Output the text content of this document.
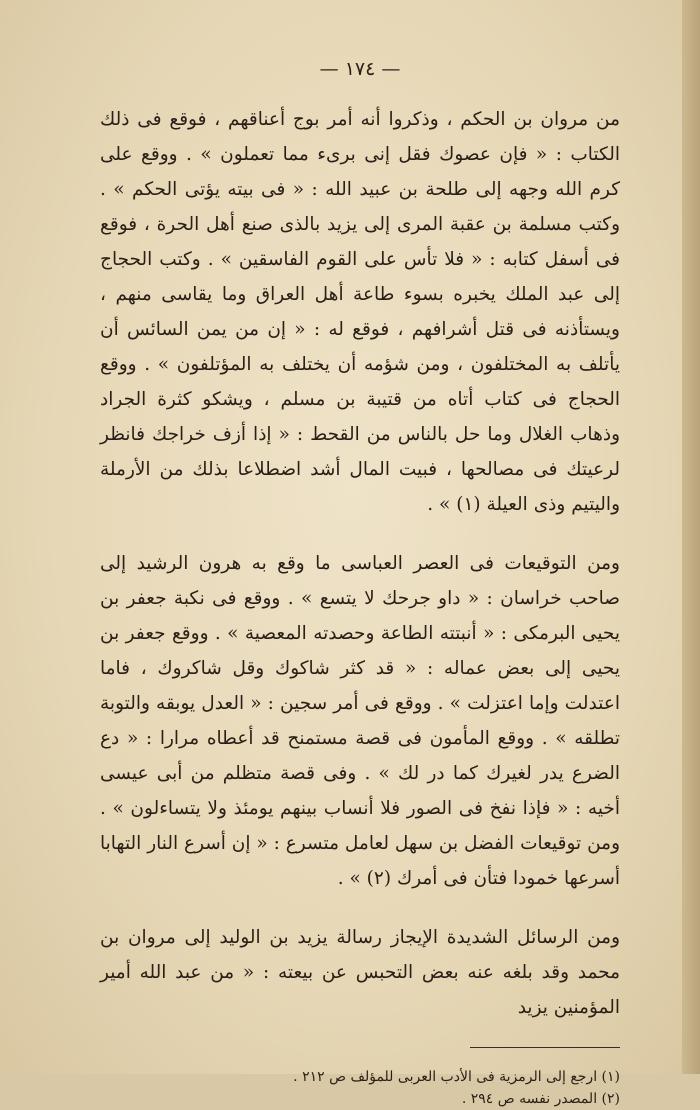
— ١٧٤ —

من مروان بن الحكم ، وذكروا أنه أمر بوج أعناقهم ، فوقع فى ذلك الكتاب : « فإن عصوك فقل إنى برىء مما تعملون » . ووقع على كرم الله وجهه إلى طلحة بن عبيد الله : « فى بيته يؤتى الحكم » . وكتب مسلمة بن عقبة المرى إلى يزيد بالذى صنع أهل الحرة ، فوقع فى أسفل كتابه : « فلا تأس على القوم الفاسقين » . وكتب الحجاج إلى عبد الملك يخبره بسوء طاعة أهل العراق وما يقاسى منهم ، ويستأذنه فى قتل أشرافهم ، فوقع له : « إن من يمن السائس أن يأتلف به المختلفون ، ومن شؤمه أن يختلف به المؤتلفون » . ووقع الحجاج فى كتاب أتاه من قتيبة بن مسلم ، ويشكو كثرة الجراد وذهاب الغلال وما حل بالناس من القحط : « إذا أزف خراجك فانظر لرعيتك فى مصالحها ، فبيت المال أشد اضطلاعا بذلك من الأرملة واليتيم وذى العيلة (١) » .

ومن التوقيعات فى العصر العباسى ما وقع به هرون الرشيد إلى صاحب خراسان : « داو جرحك لا يتسع » . ووقع فى نكبة جعفر بن يحيى البرمكى : « أنبتته الطاعة وحصدته المعصية » . ووقع جعفر بن يحيى إلى بعض عماله : « قد كثر شاكوك وقل شاكروك ، فاما اعتدلت وإما اعتزلت » . ووقع فى أمر سجين : « العدل يوبقه والتوبة تطلقه » . ووقع المأمون فى قصة مستمنح قد أعطاه مرارا : « دع الضرع يدر لغيرك كما در لك » . وفى قصة متظلم من أبى عيسى أخيه : « فإذا نفخ فى الصور فلا أنساب بينهم يومئذ ولا يتساءلون » . ومن توقيعات الفضل بن سهل لعامل متسرع : « إن أسرع النار التهابا أسرعها خمودا فتأن فى أمرك (٢) » .

ومن الرسائل الشديدة الإيجاز رسالة يزيد بن الوليد إلى مروان بن محمد وقد بلغه عنه بعض التحبس عن بيعته : « من عبد الله أمير المؤمنين يزيد

(١) ارجع إلى الرمزية فى الأدب العربى للمؤلف ص ٢١٢ .

(٢) المصدر نفسه ص ٢٩٤ .
